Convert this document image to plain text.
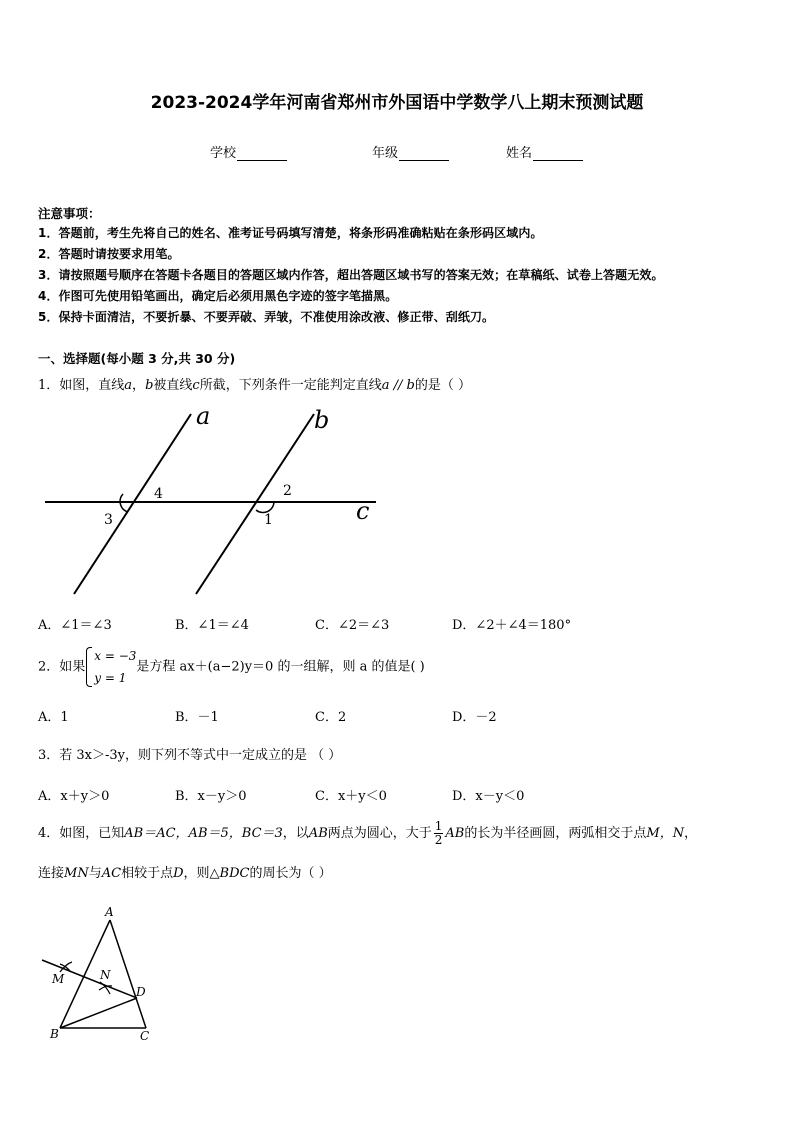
2023-2024学年河南省郑州市外国语中学数学八上期末预测试题
学校	年级	姓名
注意事项：
1．答题前，考生先将自己的姓名、准考证号码填写清楚，将条形码准确粘贴在条形码区域内。
2．答题时请按要求用笔。
3．请按照题号顺序在答题卡各题目的答题区域内作答，超出答题区域书写的答案无效；在草稿纸、试卷上答题无效。
4．作图可先使用铅笔画出，确定后必须用黑色字迹的签字笔描黑。
5．保持卡面清洁，不要折暴、不要弄破、弄皱，不准使用涂改液、修正带、刮纸刀。
一、选择题(每小题 3 分,共 30 分)
1．如图，直线a，b被直线c所截，下列条件一定能判定直线a // b的是（ ）
a	b
c
4	2
3	1
A．∠1＝∠3	B．∠1＝∠4	C．∠2＝∠3	D．∠2＋∠4＝180°
2．如果
x = −3
y = 1
是方程 ax＋(a−2)y＝0 的一组解，则 a 的值是( )
A．1	B．－1	C．2	D．－2
3．若 3x＞-3y，则下列不等式中一定成立的是 （ ）
A．x＋y＞0	B．x－y＞0	C．x＋y＜0	D．x－y＜0
4．如图，已知AB＝AC，AB＝5，BC＝3，以AB两点为圆心，大于 $\frac{1}{2}$ AB的长为半径画圆，两弧相交于点M，N，
连接MN与AC相较于点D，则△BDC的周长为（ ）
A
M	N
D
B	C
